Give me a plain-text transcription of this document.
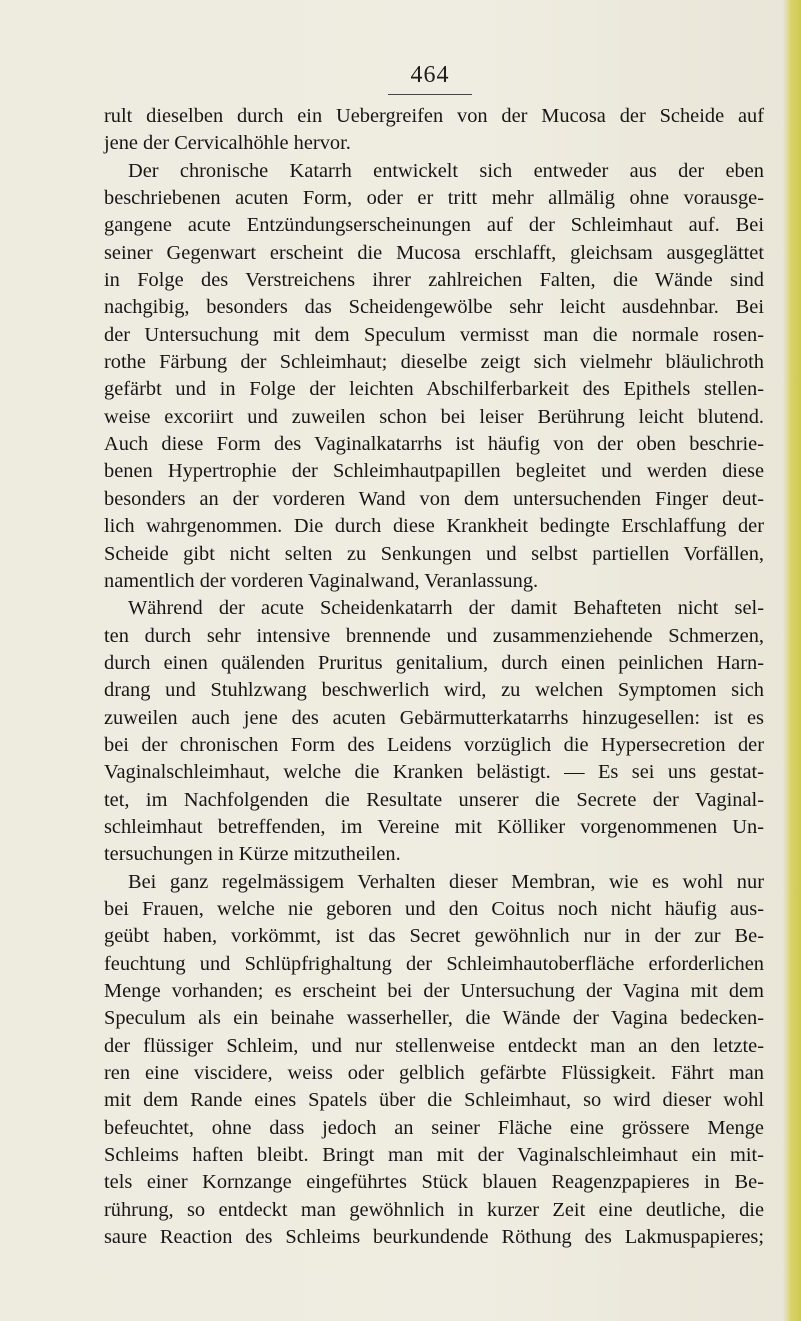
464
rult dieselben durch ein Uebergreifen von der Mucosa der Scheide auf
jene der Cervicalhöhle hervor.
Der chronische Katarrh entwickelt sich entweder aus der eben
beschriebenen acuten Form, oder er tritt mehr allmälig ohne vorausge-
gangene acute Entzündungserscheinungen auf der Schleimhaut auf. Bei
seiner Gegenwart erscheint die Mucosa erschlafft, gleichsam ausgeglättet
in Folge des Verstreichens ihrer zahlreichen Falten, die Wände sind
nachgibig, besonders das Scheidengewölbe sehr leicht ausdehnbar. Bei
der Untersuchung mit dem Speculum vermisst man die normale rosen-
rothe Färbung der Schleimhaut; dieselbe zeigt sich vielmehr bläulichroth
gefärbt und in Folge der leichten Abschilferbarkeit des Epithels stellen-
weise excoriirt und zuweilen schon bei leiser Berührung leicht blutend.
Auch diese Form des Vaginalkatarrhs ist häufig von der oben beschrie-
benen Hypertrophie der Schleimhautpapillen begleitet und werden diese
besonders an der vorderen Wand von dem untersuchenden Finger deut-
lich wahrgenommen. Die durch diese Krankheit bedingte Erschlaffung der
Scheide gibt nicht selten zu Senkungen und selbst partiellen Vorfällen,
namentlich der vorderen Vaginalwand, Veranlassung.
Während der acute Scheidenkatarrh der damit Behafteten nicht sel-
ten durch sehr intensive brennende und zusammenziehende Schmerzen,
durch einen quälenden Pruritus genitalium, durch einen peinlichen Harn-
drang und Stuhlzwang beschwerlich wird, zu welchen Symptomen sich
zuweilen auch jene des acuten Gebärmutterkatarrhs hinzugesellen: ist es
bei der chronischen Form des Leidens vorzüglich die Hypersecretion der
Vaginalschleimhaut, welche die Kranken belästigt. — Es sei uns gestat-
tet, im Nachfolgenden die Resultate unserer die Secrete der Vaginal-
schleimhaut betreffenden, im Vereine mit Kölliker vorgenommenen Un-
tersuchungen in Kürze mitzutheilen.
Bei ganz regelmässigem Verhalten dieser Membran, wie es wohl nur
bei Frauen, welche nie geboren und den Coitus noch nicht häufig aus-
geübt haben, vorkömmt, ist das Secret gewöhnlich nur in der zur Be-
feuchtung und Schlüpfrighaltung der Schleimhautoberfläche erforderlichen
Menge vorhanden; es erscheint bei der Untersuchung der Vagina mit dem
Speculum als ein beinahe wasserheller, die Wände der Vagina bedecken-
der flüssiger Schleim, und nur stellenweise entdeckt man an den letzte-
ren eine viscidere, weiss oder gelblich gefärbte Flüssigkeit. Fährt man
mit dem Rande eines Spatels über die Schleimhaut, so wird dieser wohl
befeuchtet, ohne dass jedoch an seiner Fläche eine grössere Menge
Schleims haften bleibt. Bringt man mit der Vaginalschleimhaut ein mit-
tels einer Kornzange eingeführtes Stück blauen Reagenzpapieres in Be-
rührung, so entdeckt man gewöhnlich in kurzer Zeit eine deutliche, die
saure Reaction des Schleims beurkundende Röthung des Lakmuspapieres;
